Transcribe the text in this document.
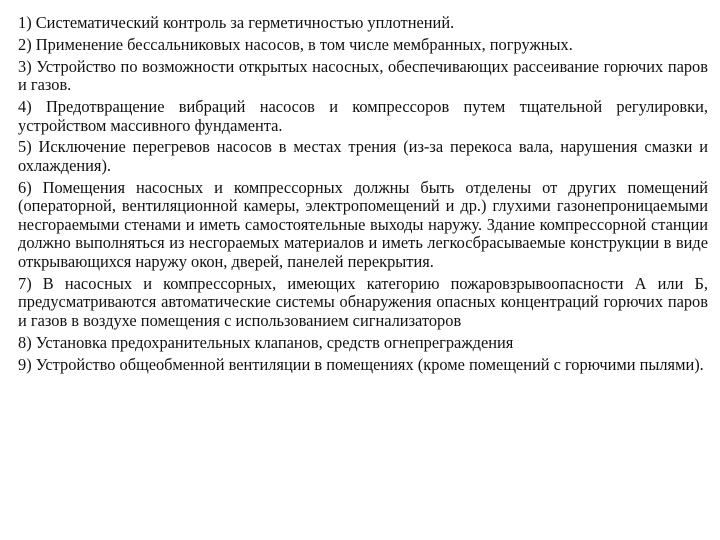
1) Систематический контроль за герметичностью уплотнений.

2) Применение бессальниковых насосов, в том числе мембранных, погружных.

3) Устройство по возможности открытых насосных, обеспечивающих рассеивание горючих паров и газов.

4) Предотвращение вибраций насосов и компрессоров путем тщательной регулировки, устройством массивного фундамента.

5) Исключение перегревов насосов в местах трения (из-за перекоса вала, нарушения смазки и охлаждения).

6) Помещения насосных и компрессорных должны быть отделены от других помещений (операторной, вентиляционной камеры, электропомещений и др.) глухими газонепроницаемыми несгораемыми стенами и иметь самостоятельные выходы наружу. Здание компрессорной станции должно выполняться из несгораемых материалов и иметь легкосбрасываемые конструкции в виде открывающихся наружу окон, дверей, панелей перекрытия.

7) В насосных и компрессорных, имеющих категорию пожаровзрывоопасности А или Б, предусматриваются автоматические системы обнаружения опасных концентраций горючих паров и газов в воздухе помещения с использованием сигнализаторов

8) Установка предохранительных клапанов, средств огнепреграждения

9) Устройство общеобменной вентиляции в помещениях (кроме помещений с горючими пылями).
